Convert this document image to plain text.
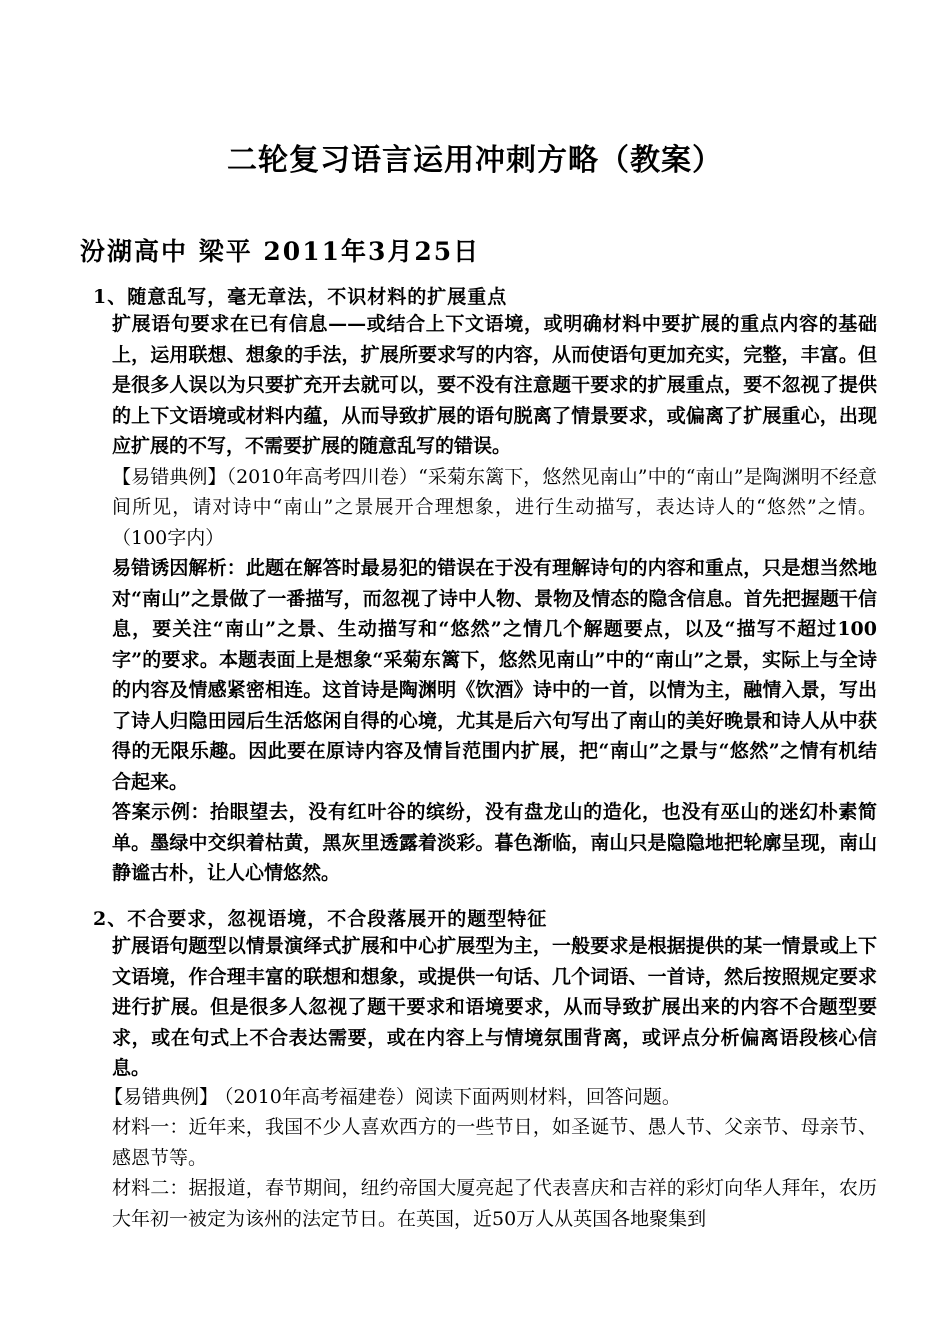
二轮复习语言运用冲刺方略（教案）
汾湖高中 梁平 2011年3月25日
1、随意乱写，毫无章法，不识材料的扩展重点

扩展语句要求在已有信息——或结合上下文语境，或明确材料中要扩展的重点内容的基础上，运用联想、想象的手法，扩展所要求写的内容，从而使语句更加充实，完整，丰富。但是很多人误以为只要扩充开去就可以，要不没有注意题干要求的扩展重点，要不忽视了提供的上下文语境或材料内蕴，从而导致扩展的语句脱离了情景要求，或偏离了扩展重心，出现应扩展的不写，不需要扩展的随意乱写的错误。

【易错典例】（2010年高考四川卷）“采菊东篱下，悠然见南山”中的“南山”是陶渊明不经意间所见，请对诗中“南山”之景展开合理想象，进行生动描写，表达诗人的“悠然”之情。（100字内）

易错诱因解析：此题在解答时最易犯的错误在于没有理解诗句的内容和重点，只是想当然地对“南山”之景做了一番描写，而忽视了诗中人物、景物及情态的隐含信息。首先把握题干信息，要关注“南山”之景、生动描写和“悠然”之情几个解题要点，以及“描写不超过100字”的要求。本题表面上是想象“采菊东篱下，悠然见南山”中的“南山”之景，实际上与全诗的内容及情感紧密相连。这首诗是陶渊明《饮酒》诗中的一首，以情为主，融情入景，写出了诗人归隐田园后生活悠闲自得的心境，尤其是后六句写出了南山的美好晚景和诗人从中获得的无限乐趣。因此要在原诗内容及情旨范围内扩展，把“南山”之景与“悠然”之情有机结合起来。

答案示例：抬眼望去，没有红叶谷的缤纷，没有盘龙山的造化，也没有巫山的迷幻朴素简单。墨绿中交织着枯黄，黑灰里透露着淡彩。暮色渐临，南山只是隐隐地把轮廓呈现，南山静谧古朴，让人心情悠然。

2、不合要求，忽视语境，不合段落展开的题型特征

扩展语句题型以情景演绎式扩展和中心扩展型为主，一般要求是根据提供的某一情景或上下文语境，作合理丰富的联想和想象，或提供一句话、几个词语、一首诗，然后按照规定要求进行扩展。但是很多人忽视了题干要求和语境要求，从而导致扩展出来的内容不合题型要求，或在句式上不合表达需要，或在内容上与情境氛围背离，或评点分析偏离语段核心信息。

【易错典例】 （2010年高考福建卷）阅读下面两则材料，回答问题。

材料一：近年来，我国不少人喜欢西方的一些节日，如圣诞节、愚人节、父亲节、母亲节、感恩节等。

材料二：据报道，春节期间，纽约帝国大厦亮起了代表喜庆和吉祥的彩灯向华人拜年，农历大年初一被定为该州的法定节日。在英国，近50万人从英国各地聚集到
